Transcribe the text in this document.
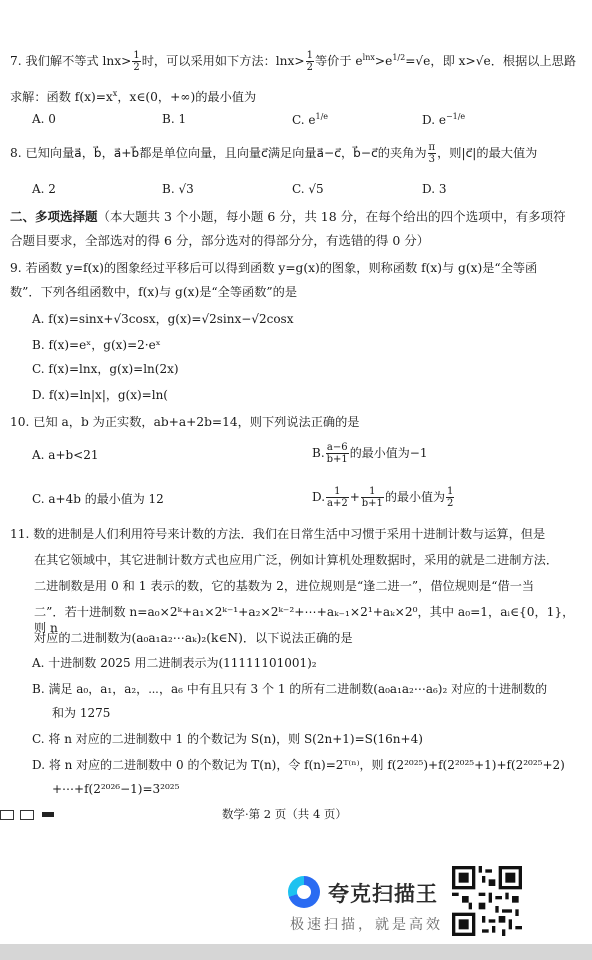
7. 我们解不等式 $\ln x> \frac{1}{2}$ 时，可以采用如下方法：$\ln x> \frac{1}{2}$ 等价于 $e^{lnx}>e^{1/2}=√e$，即 x>√e．根据以上思路
求解：函数 $f(x)=x^x$，x∈(0，+∞)的最小值为
A. 0	B. 1	C. $e^{1/e}$	D. $e^{-1/e}$
8. 已知向量a⃗，b⃗，a⃗+b⃗都是单位向量，且向量c⃗满足向量a⃗−c⃗，b⃗−c⃗的夹角为 $\frac{\pi}{3}$ ，则|c⃗|的最大值为
A. 2	B. √3	C. √5	D. 3
二、多项选择题（本大题共 3 个小题，每小题 6 分，共 18 分，在每个给出的四个选项中，有多项符
合题目要求，全部选对的得 6 分，部分选对的得部分分，有选错的得 0 分）
9. 若函数 y=f(x)的图象经过平移后可以得到函数 y=g(x)的图象，则称函数 f(x)与 g(x)是“全等函
数”．下列各组函数中，f(x)与 g(x)是“全等函数”的是
A. f(x)=sinx+√3cosx，g(x)=√2sinx−√2cosx
B. f(x)=eˣ，g(x)=2·eˣ
C. f(x)=lnx，g(x)=ln(2x)
D. f(x)=ln|x|，g(x)=ln(
10. 已知 a，b 为正实数，ab+a+2b=14，则下列说法正确的是
A. a+b<21	B. $\frac{a-6}{b+1}$ 的最小值为−1
C. a+4b 的最小值为 12	D. $\frac{1}{a+2} + \frac{1}{b+1}$ 的最小值为 $\frac{1}{2}$
11. 数的进制是人们利用符号来计数的方法．我们在日常生活中习惯于采用十进制计数与运算，但是
在其它领域中，其它进制计数方式也应用广泛，例如计算机处理数据时，采用的就是二进制方法．
二进制数是用 0 和 1 表示的数，它的基数为 2，进位规则是“逢二进一”，借位规则是“借一当
二”．若十进制数 n=a₀×2ᵏ+a₁×2ᵏ⁻¹+a₂×2ᵏ⁻²+⋯+aₖ₋₁×2¹+aₖ×2⁰，其中 a₀=1，aᵢ∈{0，1}，则 n
对应的二进制数为(a₀a₁a₂⋯aₖ)₂(k∈N)．以下说法正确的是
A. 十进制数 2025 用二进制表示为(11111101001)₂
B. 满足 a₀，a₁，a₂，⋯，a₆ 中有且只有 3 个 1 的所有二进制数(a₀a₁a₂⋯a₆)₂ 对应的十进制数的
和为 1275
C. 将 n 对应的二进制数中 1 的个数记为 S(n)，则 S(2n+1)=S(16n+4)
D. 将 n 对应的二进制数中 0 的个数记为 T(n)，令 f(n)=2ᵀ⁽ⁿ⁾，则 f(2²⁰²⁵)+f(2²⁰²⁵+1)+f(2²⁰²⁵+2)
+⋯+f(2²⁰²⁶−1)=3²⁰²⁵
数学·第 2 页（共 4 页）
夸克扫描王
极速扫描，就是高效
